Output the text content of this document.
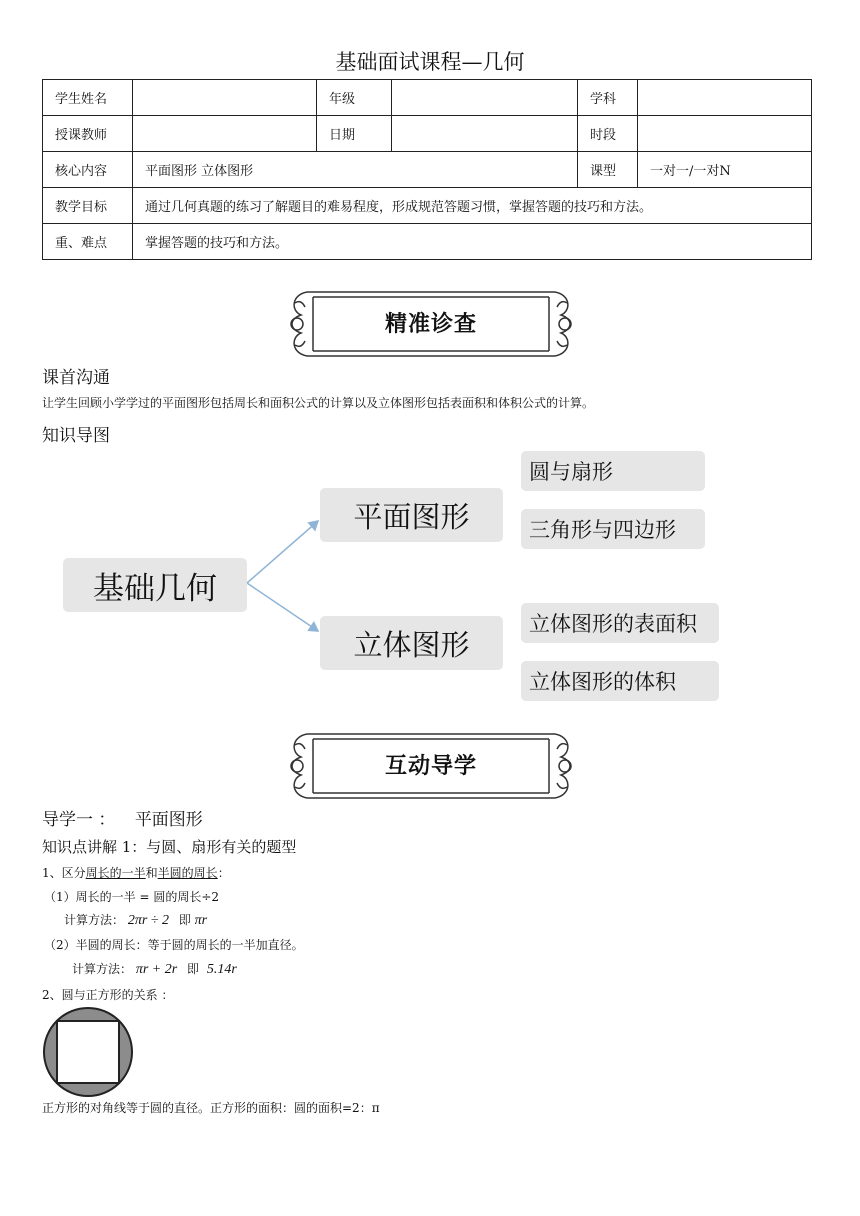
基础面试课程—几何
学生姓名		年级		学科	
授课教师		日期		时段	
核心内容	平面图形 立体图形			课型	一对一/一对N
教学目标	通过几何真题的练习了解题目的难易程度，形成规范答题习惯，掌握答题的技巧和方法。				
重、难点	掌握答题的技巧和方法。				
精准诊查
课首沟通
让学生回顾小学学过的平面图形包括周长和面积公式的计算以及立体图形包括表面积和体积公式的计算。
知识导图
基础几何
平面图形
立体图形
圆与扇形
三角形与四边形
立体图形的表面积
立体图形的体积
互动导学
导学一 ： 平面图形
知识点讲解 1：与圆、扇形有关的题型
1、区分周长的一半和半圆的周长：
（1）周长的一半 = 圆的周长÷2
计算方法： 2πr ÷ 2 即 πr
（2）半圆的周长：等于圆的周长的一半加直径。
计算方法： πr + 2r 即 5.14r
2、圆与正方形的关系 ：
正方形的对角线等于圆的直径。正方形的面积：圆的面积=2：π
